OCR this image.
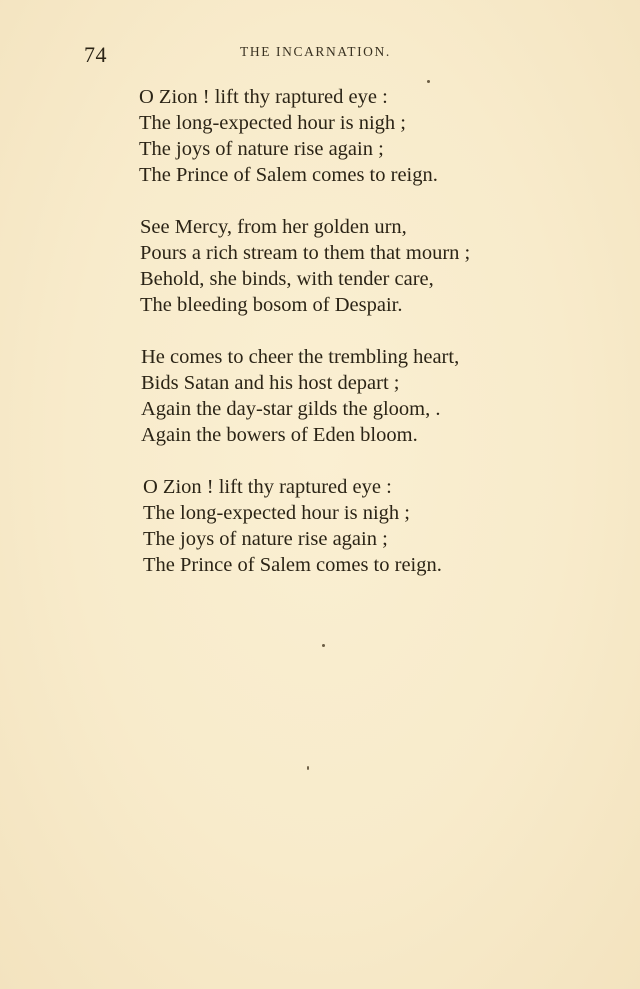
74	THE INCARNATION.
O Zion ! lift thy raptured eye :
The long-expected hour is nigh ;
The joys of nature rise again ;
The Prince of Salem comes to reign.
See Mercy, from her golden urn,
Pours a rich stream to them that mourn ;
Behold, she binds, with tender care,
The bleeding bosom of Despair.
He comes to cheer the trembling heart,
Bids Satan and his host depart ;
Again the day-star gilds the gloom, .
Again the bowers of Eden bloom.
O Zion ! lift thy raptured eye :
The long-expected hour is nigh ;
The joys of nature rise again ;
The Prince of Salem comes to reign.
